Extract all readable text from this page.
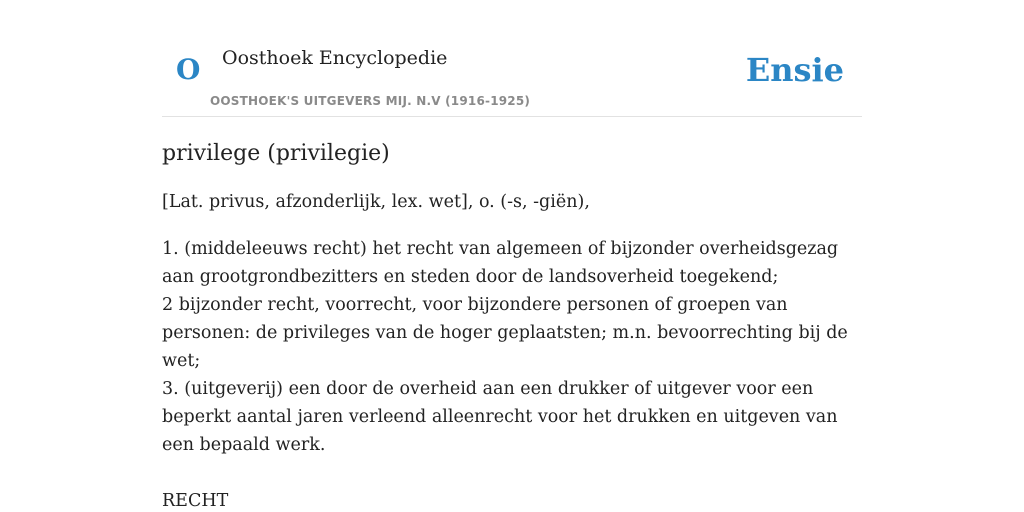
O Oosthoek Encyclopedie
OOSTHOEK'S UITGEVERS MIJ. N.V (1916-1925)
Ensie
privilege (privilegie)

[Lat. privus, afzonderlijk, lex. wet], o. (-s, -giën),

1. (middeleeuws recht) het recht van algemeen of bijzonder overheidsgezag aan grootgrondbezitters en steden door de landsoverheid toegekend;
2 bijzonder recht, voorrecht, voor bijzondere personen of groepen van personen: de privileges van de hoger geplaatsten; m.n. bevoorrechting bij de wet;
3. (uitgeverij) een door de overheid aan een drukker of uitgever voor een beperkt aantal jaren verleend alleenrecht voor het drukken en uitgeven van een bepaald werk.

RECHT
